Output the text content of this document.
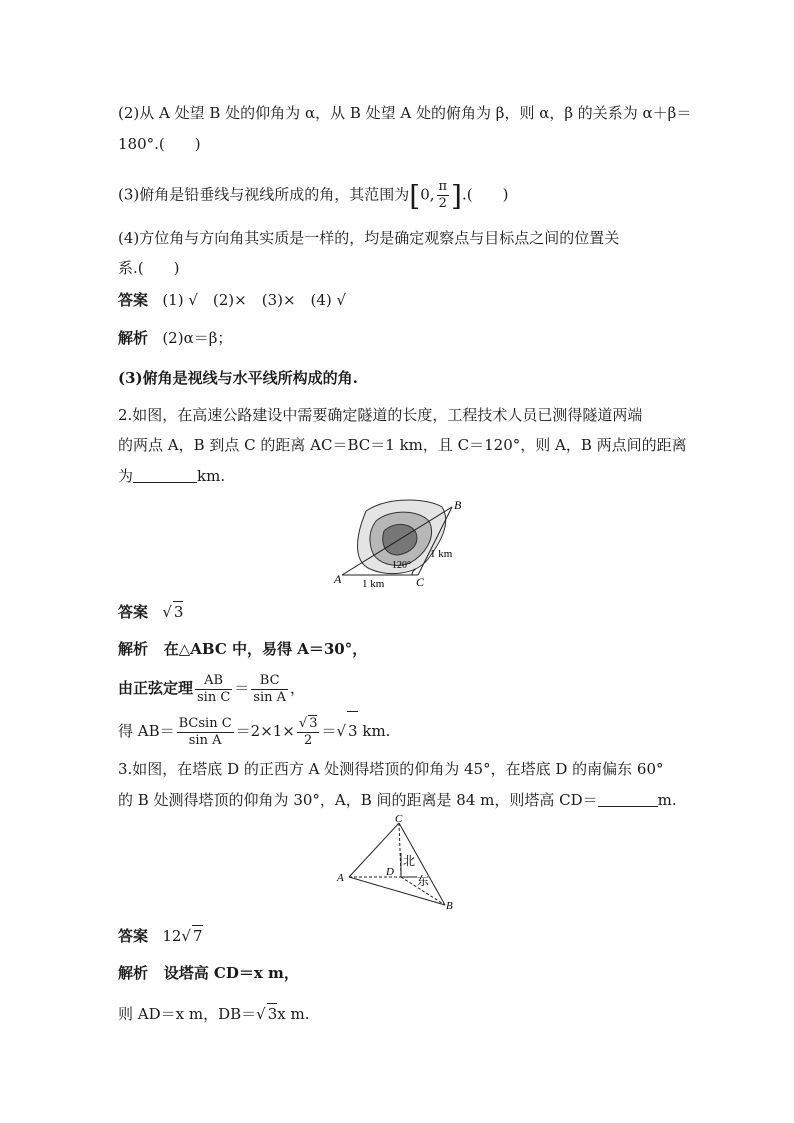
(2)从 A 处望 B 处的仰角为 α，从 B 处望 A 处的俯角为 β，则 α，β 的关系为 α＋β＝
180°.(　　)
(3)俯角是铅垂线与视线所成的角，其范围为[0, $\frac{\pi}{2}$ ].(　　)
(4)方位角与方向角其实质是一样的，均是确定观察点与目标点之间的位置关
系.(　　)
答案 (1) √　(2)×　(3)×　(4) √
解析 (2)α＝β；
(3)俯角是视线与水平线所构成的角.
2.如图，在高速公路建设中需要确定隧道的长度，工程技术人员已测得隧道两端
的两点 A，B 到点 C 的距离 AC＝BC＝1 km，且 C＝120°，则 A，B 两点间的距离
为	km.
120°
1 km
1 km
A
B
C
答案 √ 3
解析 在△ABC 中，易得 A＝30°，
由正弦定理 $\frac{AB}{\text{sin C}} = \frac{BC}{\text{sin A}}$ ，
得 $AB= \frac{\text{BCsin C}}{\text{sin A}} =2\times 1\times \frac{√ 3}{2}$ ＝√ 3 km.
3.如图，在塔底 D 的正西方 A 处测得塔顶的仰角为 45°，在塔底 D 的南偏东 60°
的 B 处测得塔顶的仰角为 30°，A，B 间的距离是 84 m，则塔高 CD＝	m.
A
C
D
B
北
东
答案 12√ 7
解析 设塔高 CD＝x m，
则 AD＝x m，DB＝√ 3x m.
